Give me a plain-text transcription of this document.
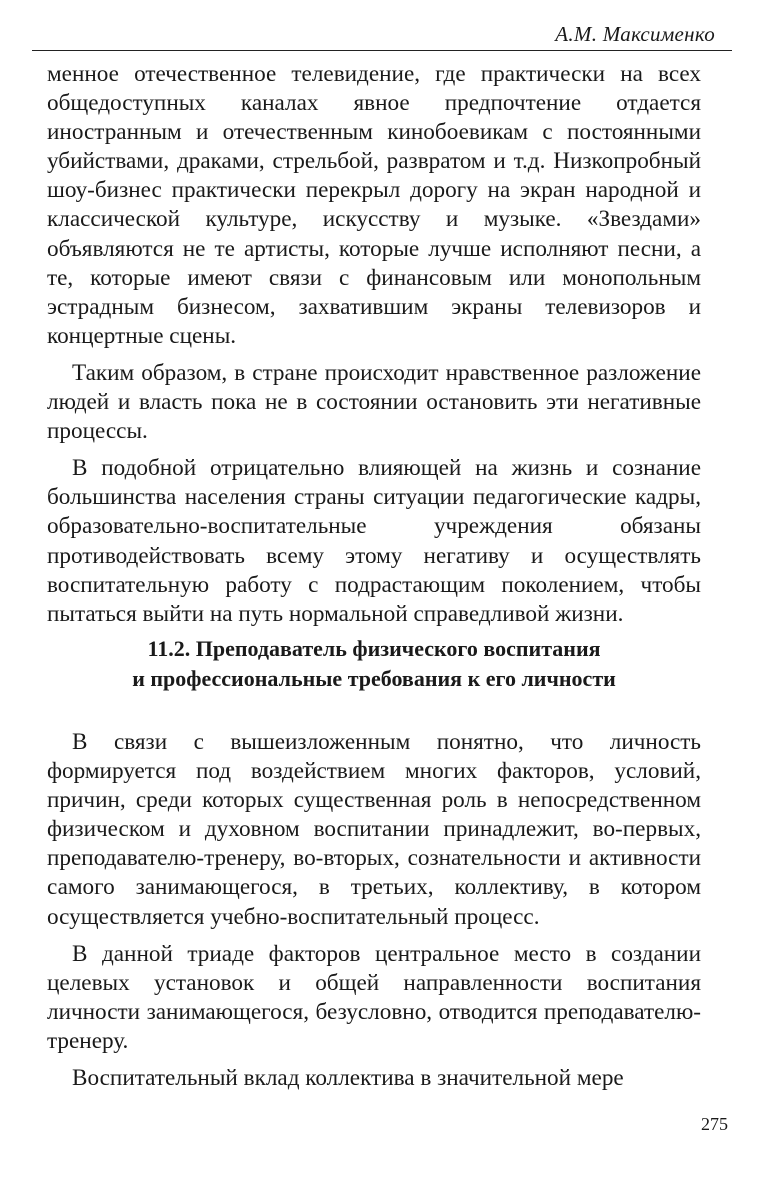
А.М. Максименко

менное отечественное телевидение, где практически на всех общедоступных каналах явное предпочтение отдается иностранным и отечественным кинобоевикам с постоянными убийствами, драками, стрельбой, развратом и т.д. Низкопробный шоу-бизнес практически перекрыл дорогу на экран народной и классической культуре, искусству и музыке. «Звездами» объявляются не те артисты, которые лучше исполняют песни, а те, которые имеют связи с финансовым или монопольным эстрадным бизнесом, захватившим экраны телевизоров и концертные сцены.

Таким образом, в стране происходит нравственное разложение людей и власть пока не в состоянии остановить эти негативные процессы.

В подобной отрицательно влияющей на жизнь и сознание большинства населения страны ситуации педагогические кадры, образовательно-воспитательные учреждения обязаны противодействовать всему этому негативу и осуществлять воспитательную работу с подрастающим поколением, чтобы пытаться выйти на путь нормальной справедливой жизни.

11.2. Преподаватель физического воспитания
и профессиональные требования к его личности

В связи с вышеизложенным понятно, что личность формируется под воздействием многих факторов, условий, причин, среди которых существенная роль в непосредственном физическом и духовном воспитании принадлежит, во-первых, преподавателю-тренеру, во-вторых, сознательности и активности самого занимающегося, в третьих, коллективу, в котором осуществляется учебно-воспитательный процесс.

В данной триаде факторов центральное место в создании целевых установок и общей направленности воспитания личности занимающегося, безусловно, отводится преподавателю-тренеру.

Воспитательный вклад коллектива в значительной мере

275
